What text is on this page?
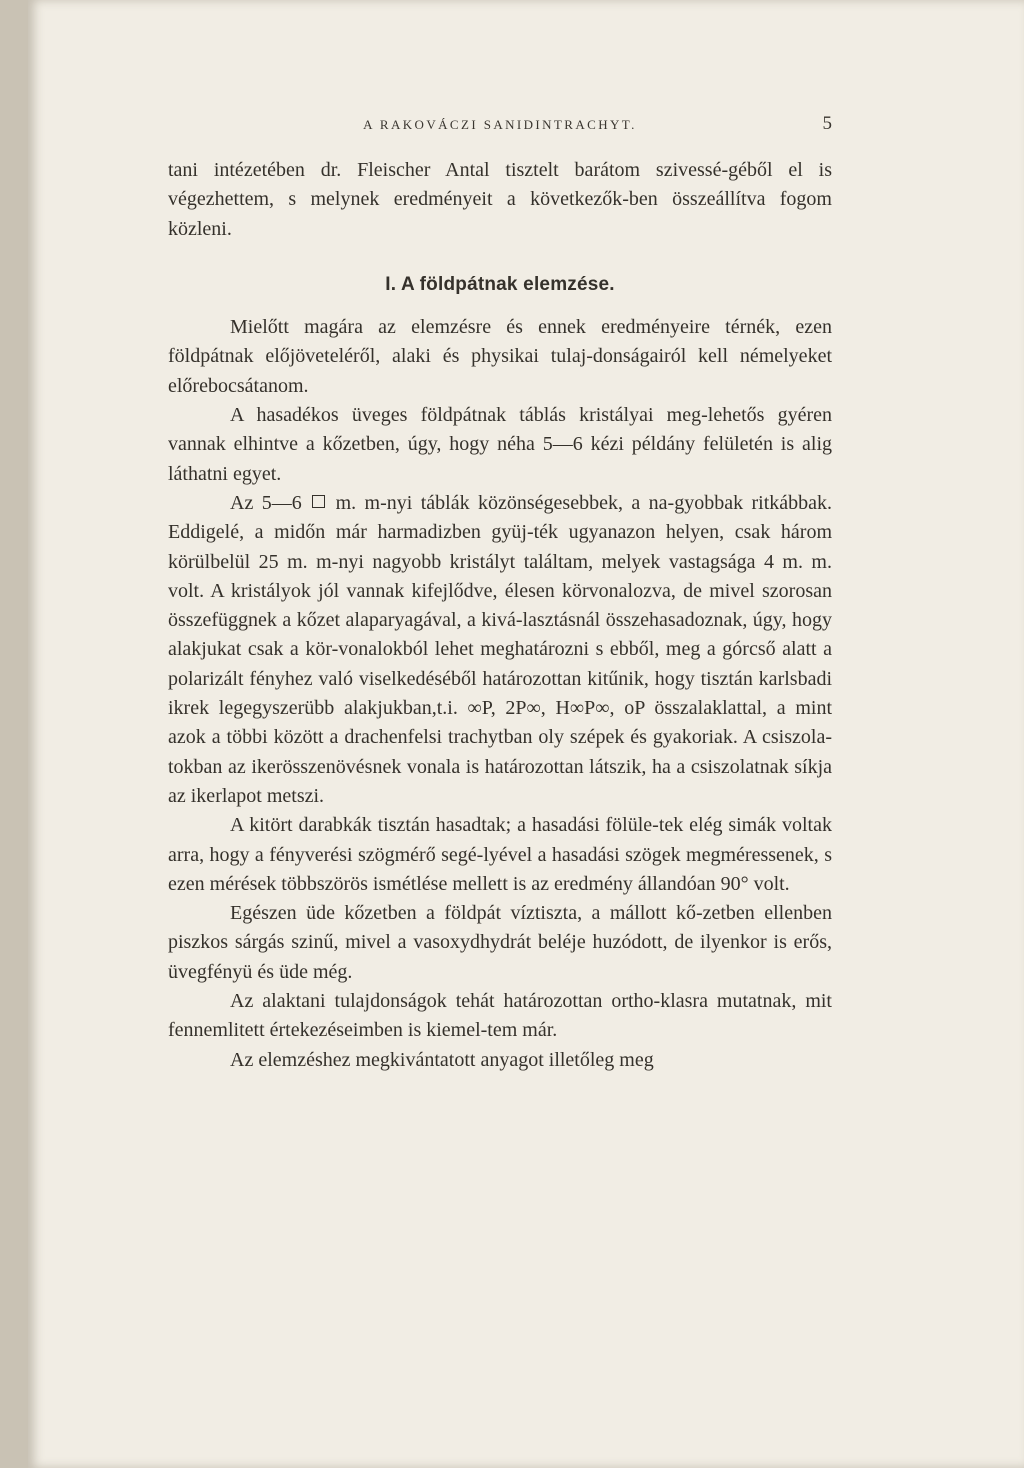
A RAKOVÁCZI SANIDINTRACHYT.	5

tani intézetében dr. Fleischer Antal tisztelt barátom szivessé-géből el is végezhettem, s melynek eredményeit a következők-ben összeállítva fogom közleni.

I. A földpátnak elemzése.

Mielőtt magára az elemzésre és ennek eredményeire térnék, ezen földpátnak előjöveteléről, alaki és physikai tulaj-donságairól kell némelyeket előrebocsátanom.

A hasadékos üveges földpátnak táblás kristályai meg-lehetős gyéren vannak elhintve a kőzetben, úgy, hogy néha 5—6 kézi példány felületén is alig láthatni egyet.

Az 5—6 m. m-nyi táblák közönségesebbek, a na-gyobbak ritkábbak. Eddigelé, a midőn már harmadizben gyüj-ték ugyanazon helyen, csak három körülbelül 25 m. m-nyi nagyobb kristályt találtam, melyek vastagsága 4 m. m. volt. A kristályok jól vannak kifejlődve, élesen körvonalozva, de mivel szorosan összefüggnek a kőzet alaparyagával, a kivá-lasztásnál összehasadoznak, úgy, hogy alakjukat csak a kör-vonalokból lehet meghatározni s ebből, meg a górcső alatt a polarizált fényhez való viselkedéséből határozottan kitűnik, hogy tisztán karlsbadi ikrek legegyszerübb alakjukban,t.i. ∞P, 2P∞, H∞P∞, oP összalaklattal, a mint azok a többi között a drachenfelsi trachytban oly szépek és gyakoriak. A csiszola-tokban az ikerösszenövésnek vonala is határozottan látszik, ha a csiszolatnak síkja az ikerlapot metszi.

A kitört darabkák tisztán hasadtak; a hasadási fölüle-tek elég simák voltak arra, hogy a fényverési szögmérő segé-lyével a hasadási szögek megméressenek, s ezen mérések többszörös ismétlése mellett is az eredmény állandóan 90° volt.

Egészen üde kőzetben a földpát víztiszta, a mállott kő-zetben ellenben piszkos sárgás szinű, mivel a vasoxydhydrát beléje huzódott, de ilyenkor is erős, üvegfényü és üde még.

Az alaktani tulajdonságok tehát határozottan ortho-klasra mutatnak, mit fennemlitett értekezéseimben is kiemel-tem már.

Az elemzéshez megkivántatott anyagot illetőleg meg
